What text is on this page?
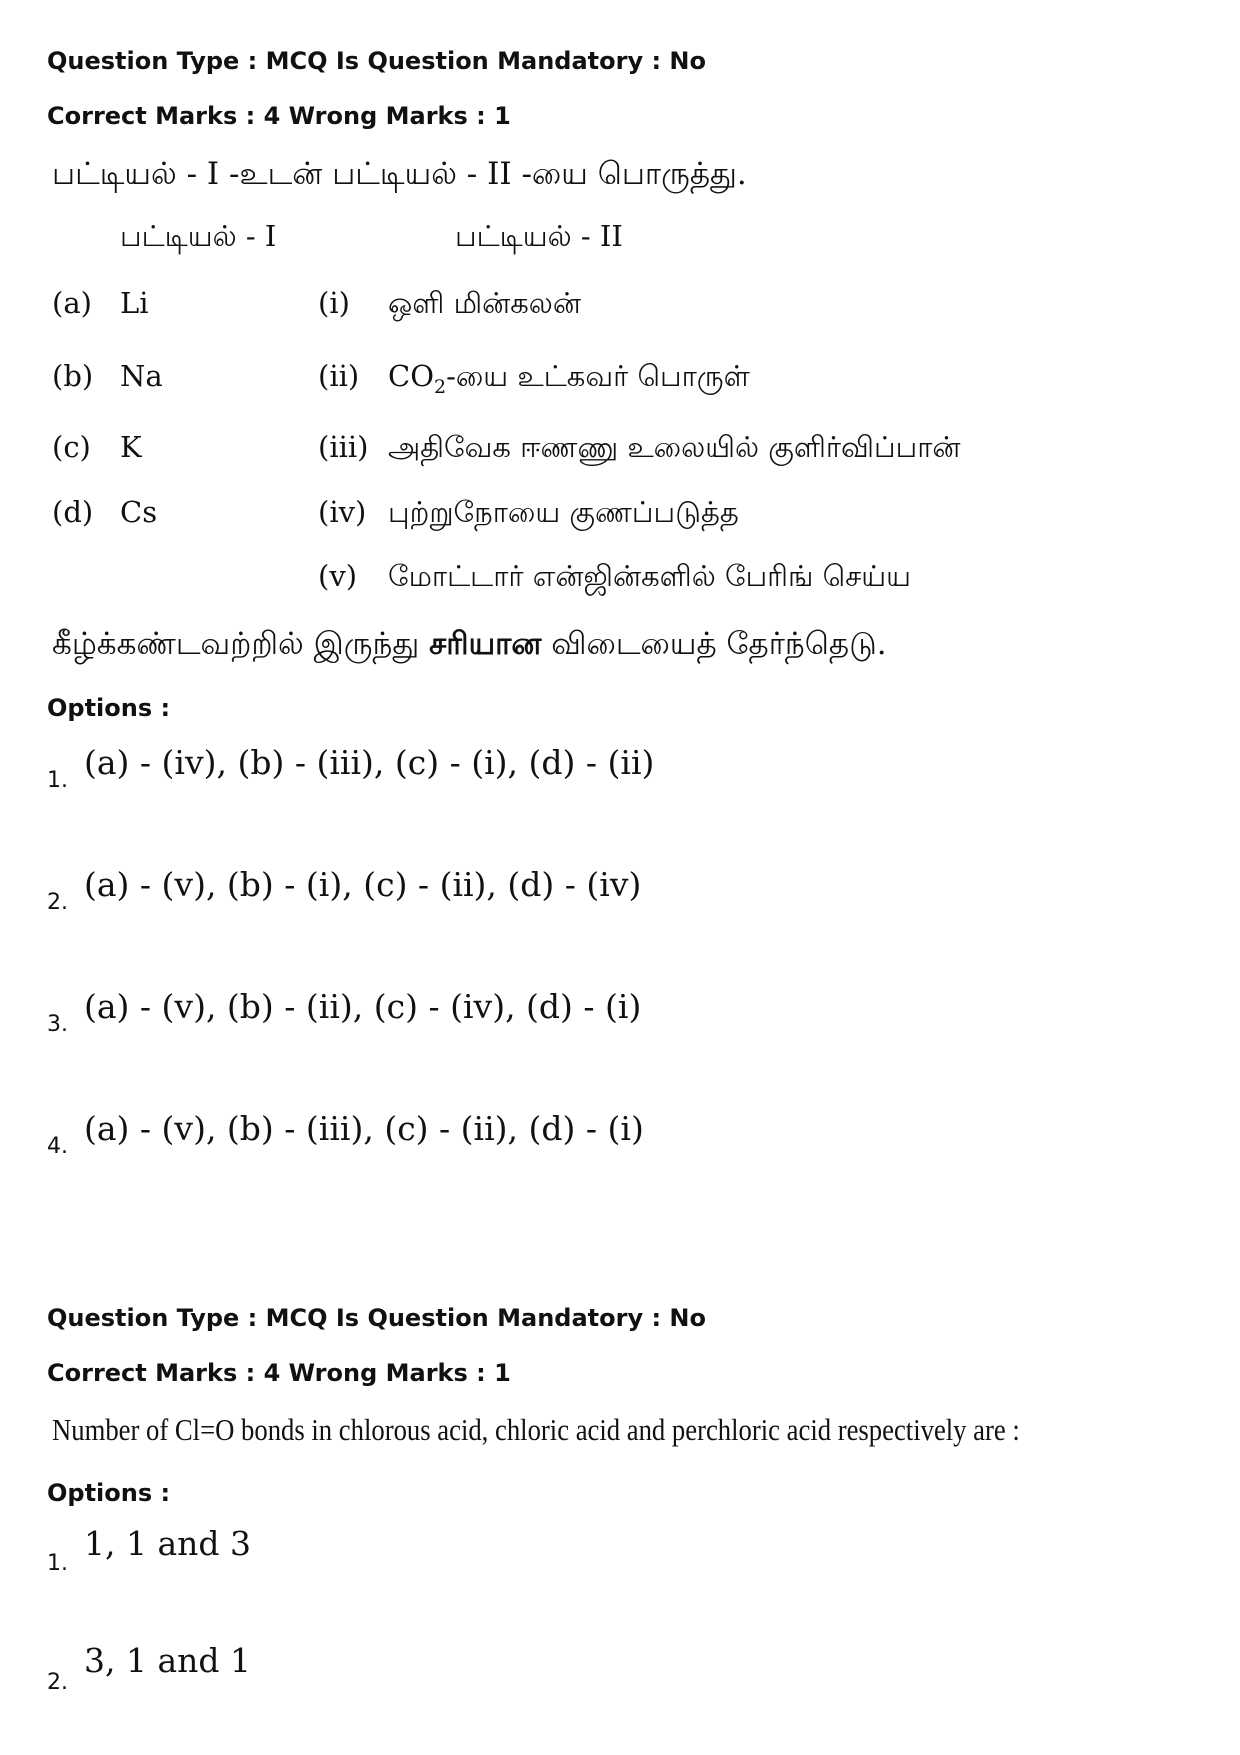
Question Type : MCQ Is Question Mandatory : No
Correct Marks : 4 Wrong Marks : 1
பட்டியல் - I -உடன் பட்டியல் - II -யை பொருத்து.
பட்டியல் - I	பட்டியல் - II
(a) Li
(b) Na
(c) K
(d) Cs
(i) ஒளி மின்கலன்
(ii) $CO_2-யை$ உட்கவர் பொருள்
(iii) அதிவேக ஈணணு உலையில் குளிர்விப்பான்
(iv) புற்றுநோயை குணப்படுத்த
(v) மோட்டார் என்ஜின்களில் பேரிங் செய்ய
கீழ்க்கண்டவற்றில் இருந்து சரியான விடையைத் தேர்ந்தெடு.
Options :
1. (a) - (iv), (b) - (iii), (c) - (i), (d) - (ii)
2. (a) - (v), (b) - (i), (c) - (ii), (d) - (iv)
3. (a) - (v), (b) - (ii), (c) - (iv), (d) - (i)
4. (a) - (v), (b) - (iii), (c) - (ii), (d) - (i)
Question Type : MCQ Is Question Mandatory : No
Correct Marks : 4 Wrong Marks : 1
Number of Cl=O bonds in chlorous acid, chloric acid and perchloric acid respectively are :
Options :
1.
1, 1 and 3
2.
3, 1 and 1
